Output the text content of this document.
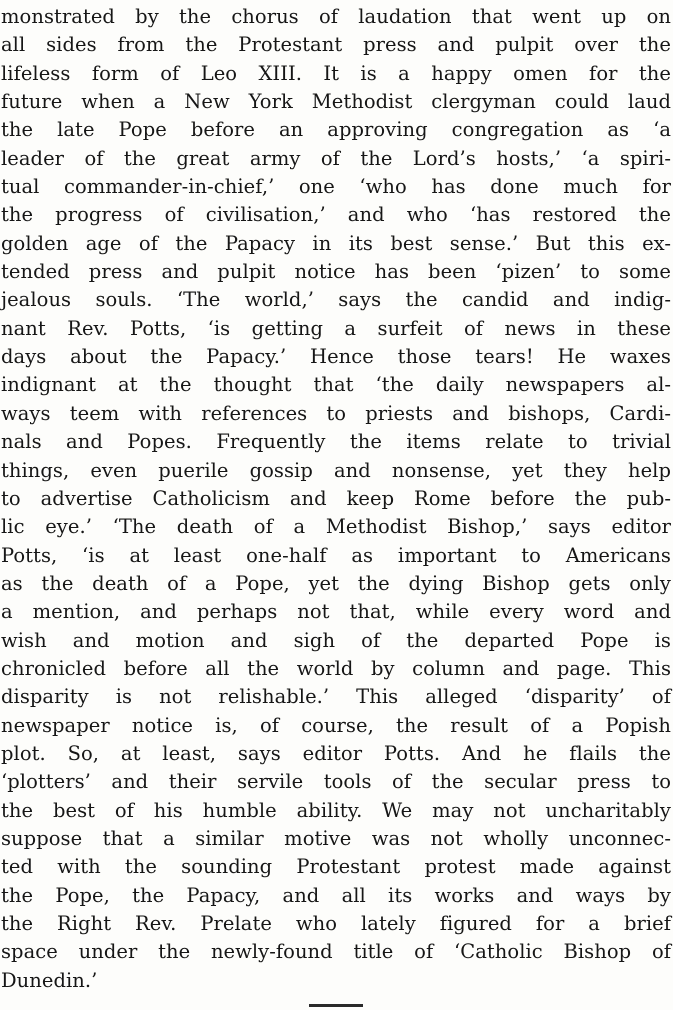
monstrated by the chorus of laudation that went up on
all sides from the Protestant press and pulpit over the
lifeless form of Leo XIII. It is a happy omen for the
future when a New York Methodist clergyman could laud
the late Pope before an approving congregation as ‘a
leader of the great army of the Lord’s hosts,’ ‘a spiri-
tual commander-in-chief,’ one ‘who has done much for
the progress of civilisation,’ and who ‘has restored the
golden age of the Papacy in its best sense.’ But this ex-
tended press and pulpit notice has been ‘pizen’ to some
jealous souls. ‘The world,’ says the candid and indig-
nant Rev. Potts, ‘is getting a surfeit of news in these
days about the Papacy.’ Hence those tears! He waxes
indignant at the thought that ‘the daily newspapers al-
ways teem with references to priests and bishops, Cardi-
nals and Popes. Frequently the items relate to trivial
things, even puerile gossip and nonsense, yet they help
to advertise Catholicism and keep Rome before the pub-
lic eye.’ ‘The death of a Methodist Bishop,’ says editor
Potts, ‘is at least one-half as important to Americans
as the death of a Pope, yet the dying Bishop gets only
a mention, and perhaps not that, while every word and
wish and motion and sigh of the departed Pope is
chronicled before all the world by column and page. This
disparity is not relishable.’ This alleged ‘disparity’ of
newspaper notice is, of course, the result of a Popish
plot. So, at least, says editor Potts. And he flails the
‘plotters’ and their servile tools of the secular press to
the best of his humble ability. We may not uncharitably
suppose that a similar motive was not wholly unconnec-
ted with the sounding Protestant protest made against
the Pope, the Papacy, and all its works and ways by
the Right Rev. Prelate who lately figured for a brief
space under the newly-found title of ‘Catholic Bishop of
Dunedin.’
